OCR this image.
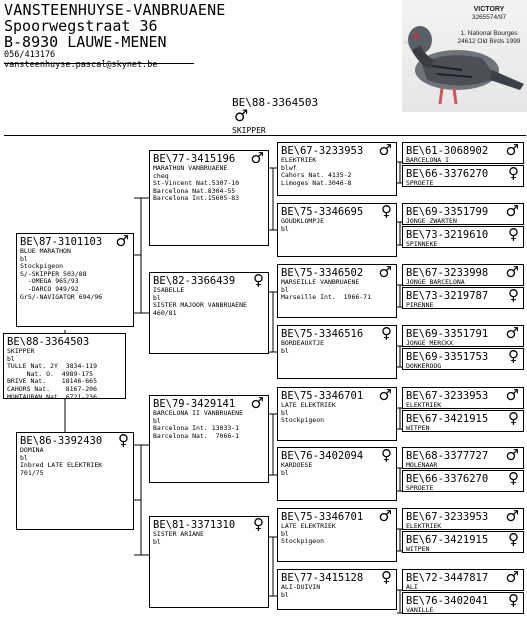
VANSTEENHUYSE-VANBRUAENE
Spoorwegstraat 36
B-8930 LAUWE-MENEN
056/413176
vansteenhuyse.pascal@skynet.be
VICTORY
3265574/97

1. National Bourges
24612 Old Birds 1999
BE\88-3364503
♂
SKIPPER
BE\88-3364503
SKIPPER
bl
TULLE Nat. 2Y  3834-119
Nat. O.  4989-175
BRIVE Nat.    18146-665
CAHORS Nat.    8167-206
MONTAUBAN Nat. 6721-236
BE\87-3101103 ♂
BLUE MARATHON
bl
Stockpigeon
S/-SKIPPER 503/88
-OMEGA 965/93
-DARCO 949/92
GrS/-NAVIGATOR 694/96
BE\86-3392430	♀
DOMINA
bl
Inbred LATE ELEKTRIEK
701/75
BE\77-3415196	♂
MARATHON VANBRUAENE
cheq
St-Vincent Nat.5307-10
Barcelona Nat.8304-55
Barcelona Int.15605-83
BE\82-3366439	♀
ISABELLE
bl
SISTER MAJOOR VANBRUAENE
460/81
BE\79-3429141	♂
BARCELONA II VANBRUAENE
bl
Barcelona Int. 13033-1
Barcelona Nat.  7066-1
BE\81-3371310	♀
SISTER ARIANE
bl
BE\67-3233953	♂
ELEKTRIEK
blwf
Cahors Nat. 4135-2
Limoges Nat.3046-8
BE\75-3346695	♀
GOUDKLOMPJE
bl
BE\75-3346502	♂
MARSEILLE VANBRUAENE
bl
Marseille Int.  1966-71
BE\75-3346516	♀
BORDEAUXTJE
bl
BE\75-3346701	♂
LATE ELEKTRIEK
bl
Stockpigeon
BE\76-3402094	♀
KARDOESE
bl
BE\75-3346701	♂
LATE ELEKTRIEK
bl
Stockpigeon
BE\77-3415128	♀
ALI-DUIVIN
bl
BE\61-3068902	♂
BARCELONA I
BE\66-3376270	♀
SPROETE
BE\69-3351799	♂
JONGE ZWARTEN
BE\73-3219610	♀
SPINNEKE
BE\67-3233998	♂
JONGE BARCELONA
BE\73-3219787	♀
PIRENNE
BE\69-3351791	♂
JONGE MERCKX
BE\69-3351753	♀
DONKEROOG
BE\67-3233953	♂
ELEKTRIEK
BE\67-3421915	♀
WITPEN
BE\68-3377727	♂
MOLENAAR
BE\66-3376270	♀
SPROETE
BE\67-3233953	♂
ELEKTRIEK
BE\67-3421915	♀
WITPEN
BE\72-3447817	♂
ALI
BE\76-3402041	♀
VANILLE
